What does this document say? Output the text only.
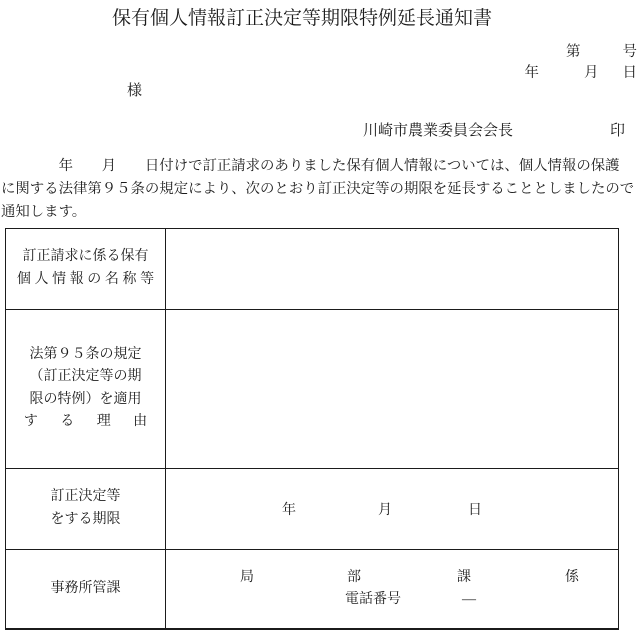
保有個人情報訂正決定等期限特例延長通知書
第	号
年	月 日
様
川崎市農業委員会会長	印
　　　　年　　月　　日付けで訂正請求のありました保有個人情報については、個人情報の保護
に関する法律第９５条の規定により、次のとおり訂正決定等の期限を延長することとしましたので
通知します。
訂正請求に係る保有
個人情報の名称等	

法第９５条の規定
（訂正決定等の期
限の特例）を適用
す　る　理　由	

訂正決定等
をする期限

年	月	日

事務所管課

局	部	課	係
電話番号	―
